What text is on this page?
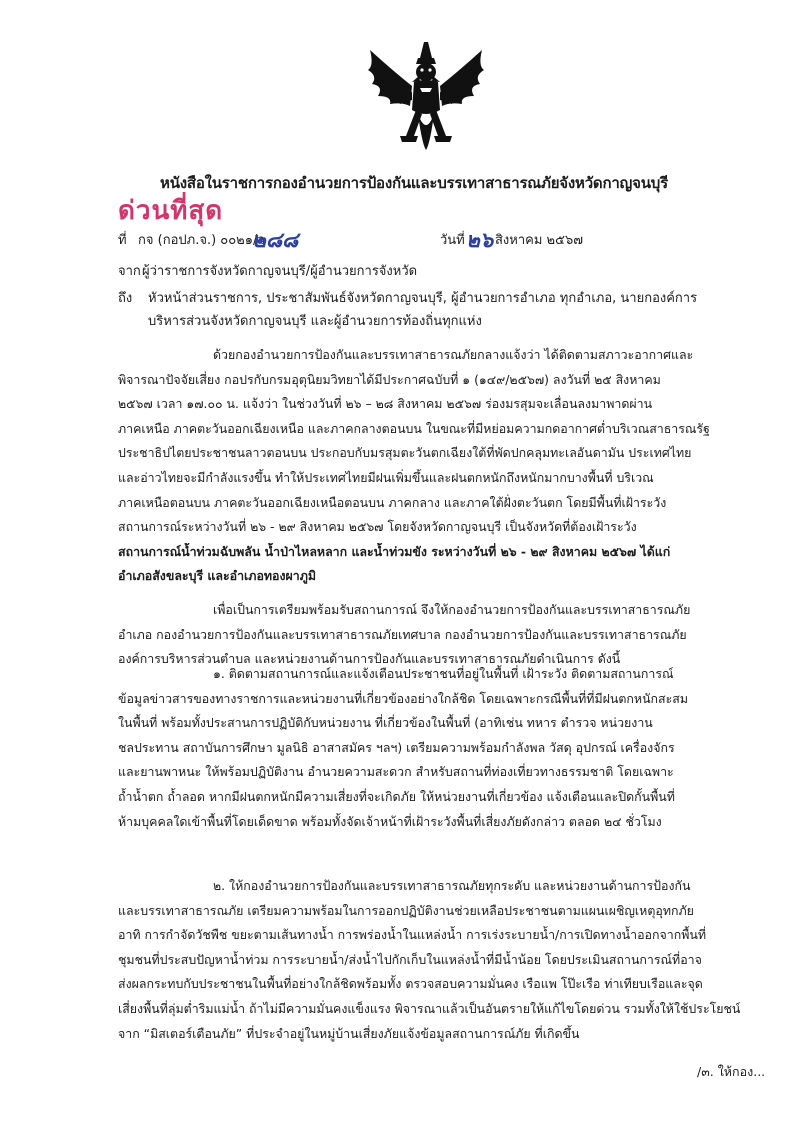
หนังสือในราชการกองอำนวยการป้องกันและบรรเทาสาธารณภัยจังหวัดกาญจนบุรี
ด่วนที่สุด
ที่ กจ (กอปภ.จ.) ๐๐๒๑/ว
๒๘๘	วันที่ ๒๖ สิงหาคม ๒๕๖๗
จาก ผู้ว่าราชการจังหวัดกาญจนบุรี/ผู้อำนวยการจังหวัด
ถึง หัวหน้าส่วนราชการ, ประชาสัมพันธ์จังหวัดกาญจนบุรี, ผู้อำนวยการอำเภอ ทุกอำเภอ, นายกองค์การ
บริหารส่วนจังหวัดกาญจนบุรี และผู้อำนวยการท้องถิ่นทุกแห่ง
ด้วยกองอำนวยการป้องกันและบรรเทาสาธารณภัยกลางแจ้งว่า ได้ติดตามสภาวะอากาศและ
พิจารณาปัจจัยเสี่ยง กอปรกับกรมอุตุนิยมวิทยาได้มีประกาศฉบับที่ ๑ (๑๔๙/๒๕๖๗) ลงวันที่ ๒๕ สิงหาคม
๒๕๖๗ เวลา ๑๗.๐๐ น. แจ้งว่า ในช่วงวันที่ ๒๖ – ๒๘ สิงหาคม ๒๕๖๗ ร่องมรสุมจะเลื่อนลงมาพาดผ่าน
ภาคเหนือ ภาคตะวันออกเฉียงเหนือ และภาคกลางตอนบน ในขณะที่มีหย่อมความกดอากาศต่ำบริเวณสาธารณรัฐ
ประชาธิปไตยประชาชนลาวตอนบน ประกอบกับมรสุมตะวันตกเฉียงใต้ที่พัดปกคลุมทะเลอันดามัน ประเทศไทย
และอ่าวไทยจะมีกำลังแรงขึ้น ทำให้ประเทศไทยมีฝนเพิ่มขึ้นและฝนตกหนักถึงหนักมากบางพื้นที่ บริเวณ
ภาคเหนือตอนบน ภาคตะวันออกเฉียงเหนือตอนบน ภาคกลาง และภาคใต้ฝั่งตะวันตก โดยมีพื้นที่เฝ้าระวัง
สถานการณ์ระหว่างวันที่ ๒๖ - ๒๙ สิงหาคม ๒๕๖๗ โดยจังหวัดกาญจนบุรี เป็นจังหวัดที่ต้องเฝ้าระวัง
สถานการณ์น้ำท่วมฉับพลัน น้ำป่าไหลหลาก และน้ำท่วมขัง ระหว่างวันที่ ๒๖ - ๒๙ สิงหาคม ๒๕๖๗ ได้แก่
อำเภอสังขละบุรี และอำเภอทองผาภูมิ
เพื่อเป็นการเตรียมพร้อมรับสถานการณ์ จึงให้กองอำนวยการป้องกันและบรรเทาสาธารณภัย
อำเภอ กองอำนวยการป้องกันและบรรเทาสาธารณภัยเทศบาล กองอำนวยการป้องกันและบรรเทาสาธารณภัย
องค์การบริหารส่วนตำบล และหน่วยงานด้านการป้องกันและบรรเทาสาธารณภัยดำเนินการ ดังนี้
๑. ติดตามสถานการณ์และแจ้งเตือนประชาชนที่อยู่ในพื้นที่ เฝ้าระวัง ติดตามสถานการณ์
ข้อมูลข่าวสารของทางราชการและหน่วยงานที่เกี่ยวข้องอย่างใกล้ชิด โดยเฉพาะกรณีพื้นที่ที่มีฝนตกหนักสะสม
ในพื้นที่ พร้อมทั้งประสานการปฏิบัติกับหน่วยงาน ที่เกี่ยวข้องในพื้นที่ (อาทิเช่น ทหาร ตำรวจ หน่วยงาน
ชลประทาน สถาบันการศึกษา มูลนิธิ อาสาสมัคร ฯลฯ) เตรียมความพร้อมกำลังพล วัสดุ อุปกรณ์ เครื่องจักร
และยานพาหนะ ให้พร้อมปฏิบัติงาน อำนวยความสะดวก สำหรับสถานที่ท่องเที่ยวทางธรรมชาติ โดยเฉพาะ
ถ้ำน้ำตก ถ้ำลอด หากมีฝนตกหนักมีความเสี่ยงที่จะเกิดภัย ให้หน่วยงานที่เกี่ยวข้อง แจ้งเตือนและปิดกั้นพื้นที่
ห้ามบุคคลใดเข้าพื้นที่โดยเด็ดขาด พร้อมทั้งจัดเจ้าหน้าที่เฝ้าระวังพื้นที่เสี่ยงภัยดังกล่าว ตลอด ๒๔ ชั่วโมง
๒. ให้กองอำนวยการป้องกันและบรรเทาสาธารณภัยทุกระดับ และหน่วยงานด้านการป้องกัน
และบรรเทาสาธารณภัย เตรียมความพร้อมในการออกปฏิบัติงานช่วยเหลือประชาชนตามแผนเผชิญเหตุอุทกภัย
อาทิ การกำจัดวัชพืช ขยะตามเส้นทางน้ำ การพร่องน้ำในแหล่งน้ำ การเร่งระบายน้ำ/การเปิดทางน้ำออกจากพื้นที่
ชุมชนที่ประสบปัญหาน้ำท่วม การระบายน้ำ/ส่งน้ำไปกักเก็บในแหล่งน้ำที่มีน้ำน้อย โดยประเมินสถานการณ์ที่อาจ
ส่งผลกระทบกับประชาชนในพื้นที่อย่างใกล้ชิดพร้อมทั้ง ตรวจสอบความมั่นคง เรือแพ โป๊ะเรือ ท่าเทียบเรือและจุด
เสี่ยงพื้นที่ลุ่มต่ำริมแม่น้ำ ถ้าไม่มีความมั่นคงแข็งแรง พิจารณาแล้วเป็นอันตรายให้แก้ไขโดยด่วน รวมทั้งให้ใช้ประโยชน์
จาก “มิสเตอร์เตือนภัย” ที่ประจำอยู่ในหมู่บ้านเสี่ยงภัยแจ้งข้อมูลสถานการณ์ภัย ที่เกิดขึ้น
/๓. ให้กอง...
